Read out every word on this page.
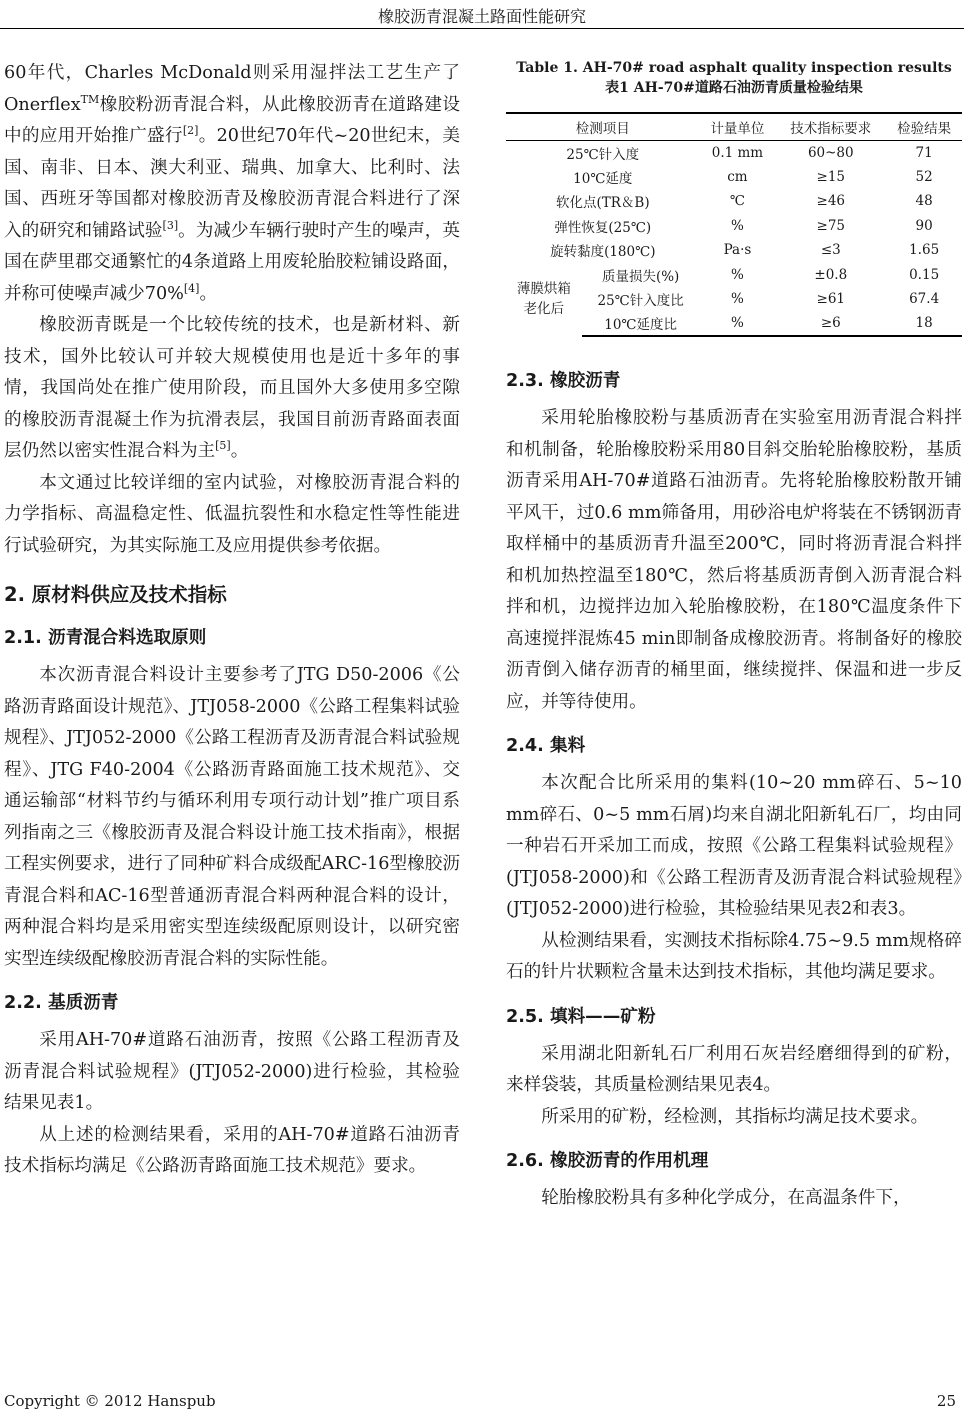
橡胶沥青混凝土路面性能研究

60年代，Charles McDonald则采用湿拌法工艺生产了Onerflex™橡胶粉沥青混合料，从此橡胶沥青在道路建设中的应用开始推广盛行[2]。20世纪70年代~20世纪末，美国、南非、日本、澳大利亚、瑞典、加拿大、比利时、法国、西班牙等国都对橡胶沥青及橡胶沥青混合料进行了深入的研究和铺路试验[3]。为减少车辆行驶时产生的噪声，英国在萨里郡交通繁忙的4条道路上用废轮胎胶粒铺设路面，并称可使噪声减少70%[4]。

橡胶沥青既是一个比较传统的技术，也是新材料、新技术，国外比较认可并较大规模使用也是近十多年的事情，我国尚处在推广使用阶段，而且国外大多使用多空隙的橡胶沥青混凝土作为抗滑表层，我国目前沥青路面表面层仍然以密实性混合料为主[5]。

本文通过比较详细的室内试验，对橡胶沥青混合料的力学指标、高温稳定性、低温抗裂性和水稳定性等性能进行试验研究，为其实际施工及应用提供参考依据。

2. 原材料供应及技术指标
2.1. 沥青混合料选取原则

本次沥青混合料设计主要参考了JTG D50-2006《公路沥青路面设计规范》、JTJ058-2000《公路工程集料试验规程》、JTJ052-2000《公路工程沥青及沥青混合料试验规程》、JTG F40-2004《公路沥青路面施工技术规范》、交通运输部“材料节约与循环利用专项行动计划”推广项目系列指南之三《橡胶沥青及混合料设计施工技术指南》，根据工程实例要求，进行了同种矿料合成级配ARC-16型橡胶沥青混合料和AC-16型普通沥青混合料两种混合料的设计，两种混合料均是采用密实型连续级配原则设计，以研究密实型连续级配橡胶沥青混合料的实际性能。

2.2. 基质沥青

采用AH-70#道路石油沥青，按照《公路工程沥青及沥青混合料试验规程》(JTJ052-2000)进行检验，其检验结果见表1。

从上述的检测结果看，采用的AH-70#道路石油沥青技术指标均满足《公路沥青路面施工技术规范》要求。

Table 1. AH-70# road asphalt quality inspection results
表1 AH-70#道路石油沥青质量检验结果
检测项目		计量单位	技术指标要求	检验结果
25℃针入度		0.1 mm	60~80	71
10℃延度		cm	≥15	52
软化点(TR＆B)		℃	≥46	48
弹性恢复(25℃)		%	≥75	90
旋转黏度(180℃)		Pa·s	≤3	1.65
薄膜烘箱
老化后	质量损失(%)	%	±0.8	0.15
	25℃针入度比	%	≥61	67.4
	10℃延度比	%	≥6	18
2.3. 橡胶沥青

采用轮胎橡胶粉与基质沥青在实验室用沥青混合料拌和机制备，轮胎橡胶粉采用80目斜交胎轮胎橡胶粉，基质沥青采用AH-70#道路石油沥青。先将轮胎橡胶粉散开铺平风干，过0.6 mm筛备用，用砂浴电炉将装在不锈钢沥青取样桶中的基质沥青升温至200℃，同时将沥青混合料拌和机加热控温至180℃，然后将基质沥青倒入沥青混合料拌和机，边搅拌边加入轮胎橡胶粉，在180℃温度条件下高速搅拌混炼45 min即制备成橡胶沥青。将制备好的橡胶沥青倒入储存沥青的桶里面，继续搅拌、保温和进一步反应，并等待使用。

2.4. 集料

本次配合比所采用的集料(10~20 mm碎石、5~10 mm碎石、0~5 mm石屑)均来自湖北阳新轧石厂，均由同一种岩石开采加工而成，按照《公路工程集料试验规程》(JTJ058-2000)和《公路工程沥青及沥青混合料试验规程》(JTJ052-2000)进行检验，其检验结果见表2和表3。

从检测结果看，实测技术指标除4.75~9.5 mm规格碎石的针片状颗粒含量未达到技术指标，其他均满足要求。

2.5. 填料——矿粉

采用湖北阳新轧石厂利用石灰岩经磨细得到的矿粉，来样袋装，其质量检测结果见表4。

所采用的矿粉，经检测，其指标均满足技术要求。

2.6. 橡胶沥青的作用机理

轮胎橡胶粉具有多种化学成分，在高温条件下，

Copyright © 2012 Hanspub	25
